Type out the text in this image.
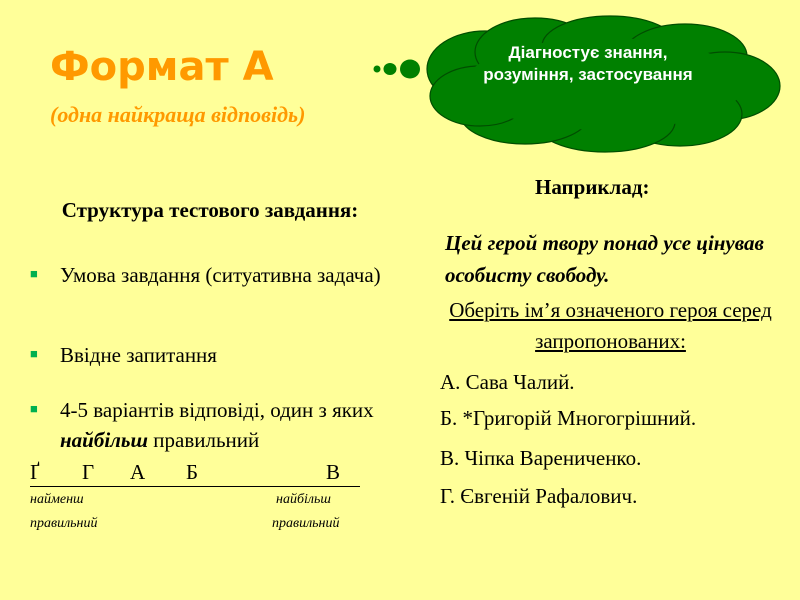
Формат А
(одна найкраща відповідь)
Діагностує знання, розуміння, застосування
Структура тестового завдання:
■ Умова завдання (ситуативна задача)
■ Ввідне запитання
■ 4-5 варіантів відповіді, один з яких найбільш правильний
Ґ Г А Б	В
найменш
правильний
найбільш
правильний
Наприклад:
Цей герой твору понад усе цінував особисту свободу.
Оберіть ім’я означеного героя серед запропонованих:
А. Сава Чалий.
Б. *Григорій Многогрішний.
В. Чіпка Варениченко.
Г. Євгеній Рафалович.
